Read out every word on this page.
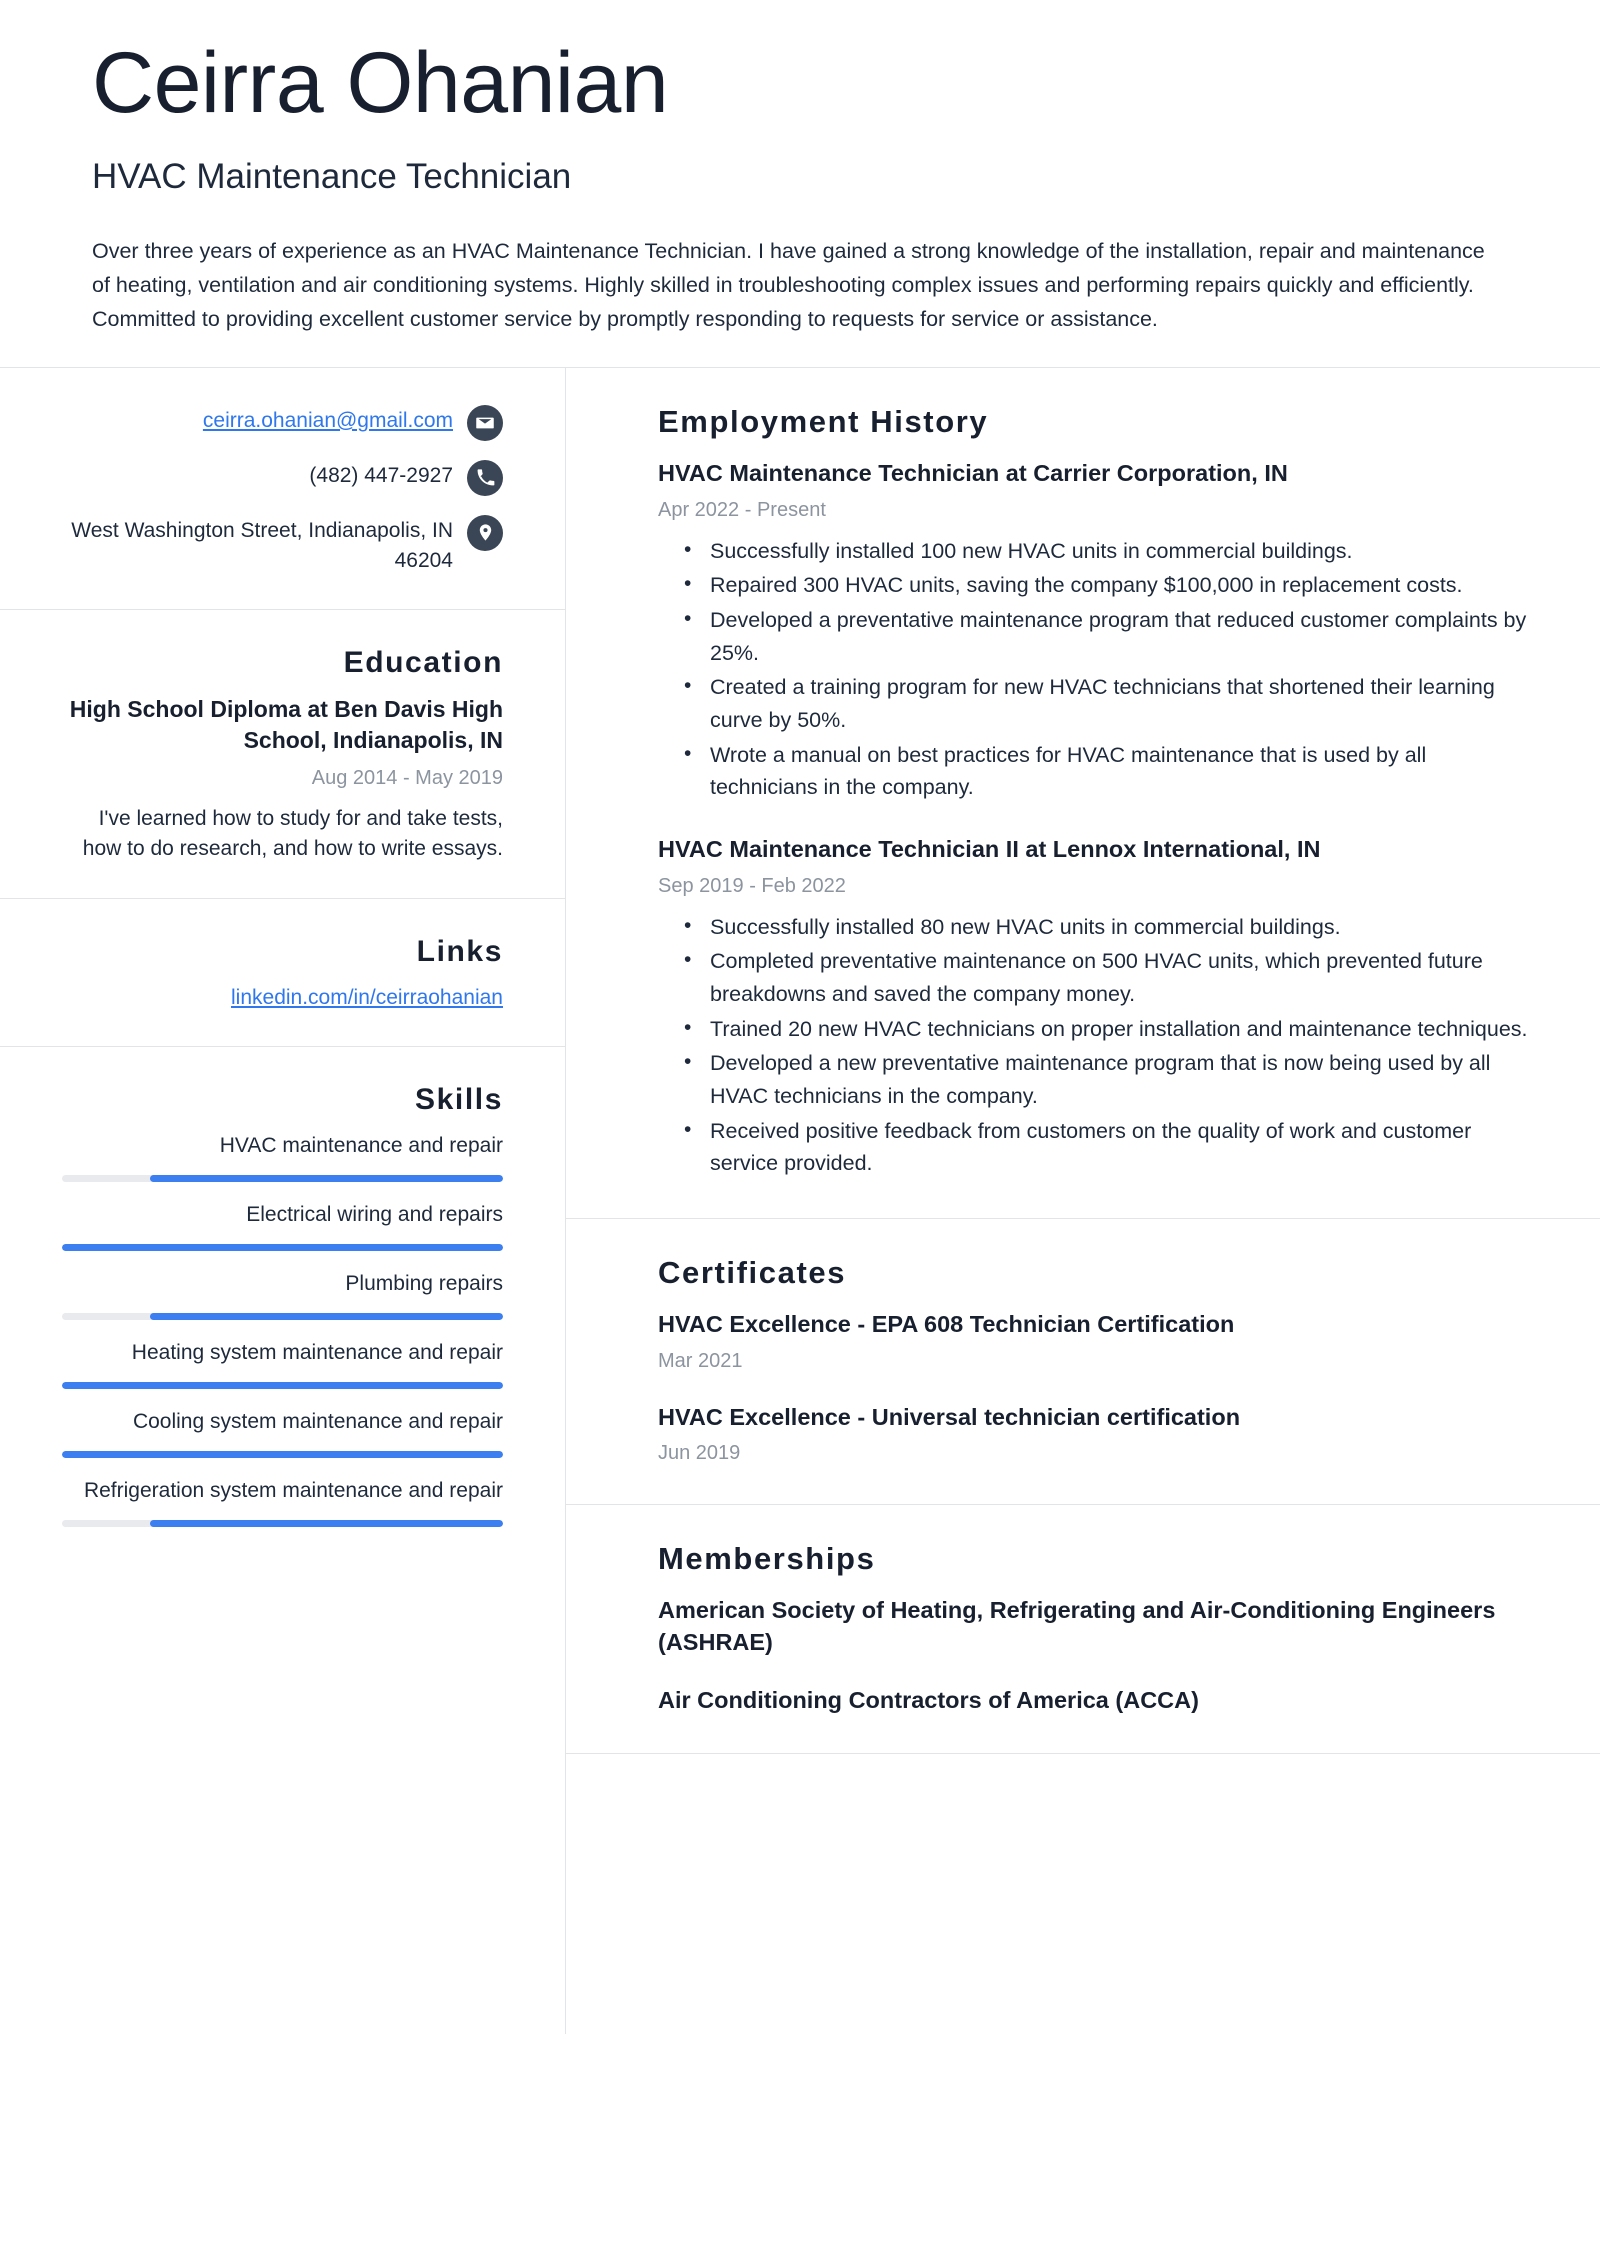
Ceirra Ohanian
HVAC Maintenance Technician

Over three years of experience as an HVAC Maintenance Technician. I have gained a strong knowledge of the installation, repair and maintenance of heating, ventilation and air conditioning systems. Highly skilled in troubleshooting complex issues and performing repairs quickly and efficiently. Committed to providing excellent customer service by promptly responding to requests for service or assistance.

ceirra.ohanian@gmail.com
(482) 447-2927
West Washington Street, Indianapolis, IN 46204
Education
High School Diploma at Ben Davis High School, Indianapolis, IN
Aug 2014 - May 2019
I've learned how to study for and take tests, how to do research, and how to write essays.
Links
linkedin.com/in/ceirraohanian
Skills
HVAC maintenance and repair
Electrical wiring and repairs
Plumbing repairs
Heating system maintenance and repair
Cooling system maintenance and repair
Refrigeration system maintenance and repair
Employment History
HVAC Maintenance Technician at Carrier Corporation, IN
Apr 2022 - Present
• Successfully installed 100 new HVAC units in commercial buildings.
• Repaired 300 HVAC units, saving the company $100,000 in replacement costs.
• Developed a preventative maintenance program that reduced customer complaints by 25%.
• Created a training program for new HVAC technicians that shortened their learning curve by 50%.
• Wrote a manual on best practices for HVAC maintenance that is used by all technicians in the company.
HVAC Maintenance Technician II at Lennox International, IN
Sep 2019 - Feb 2022
• Successfully installed 80 new HVAC units in commercial buildings.
• Completed preventative maintenance on 500 HVAC units, which prevented future breakdowns and saved the company money.
• Trained 20 new HVAC technicians on proper installation and maintenance techniques.
• Developed a new preventative maintenance program that is now being used by all HVAC technicians in the company.
• Received positive feedback from customers on the quality of work and customer service provided.
Certificates
HVAC Excellence - EPA 608 Technician Certification
Mar 2021
HVAC Excellence - Universal technician certification
Jun 2019
Memberships
American Society of Heating, Refrigerating and Air-Conditioning Engineers (ASHRAE)
Air Conditioning Contractors of America (ACCA)
